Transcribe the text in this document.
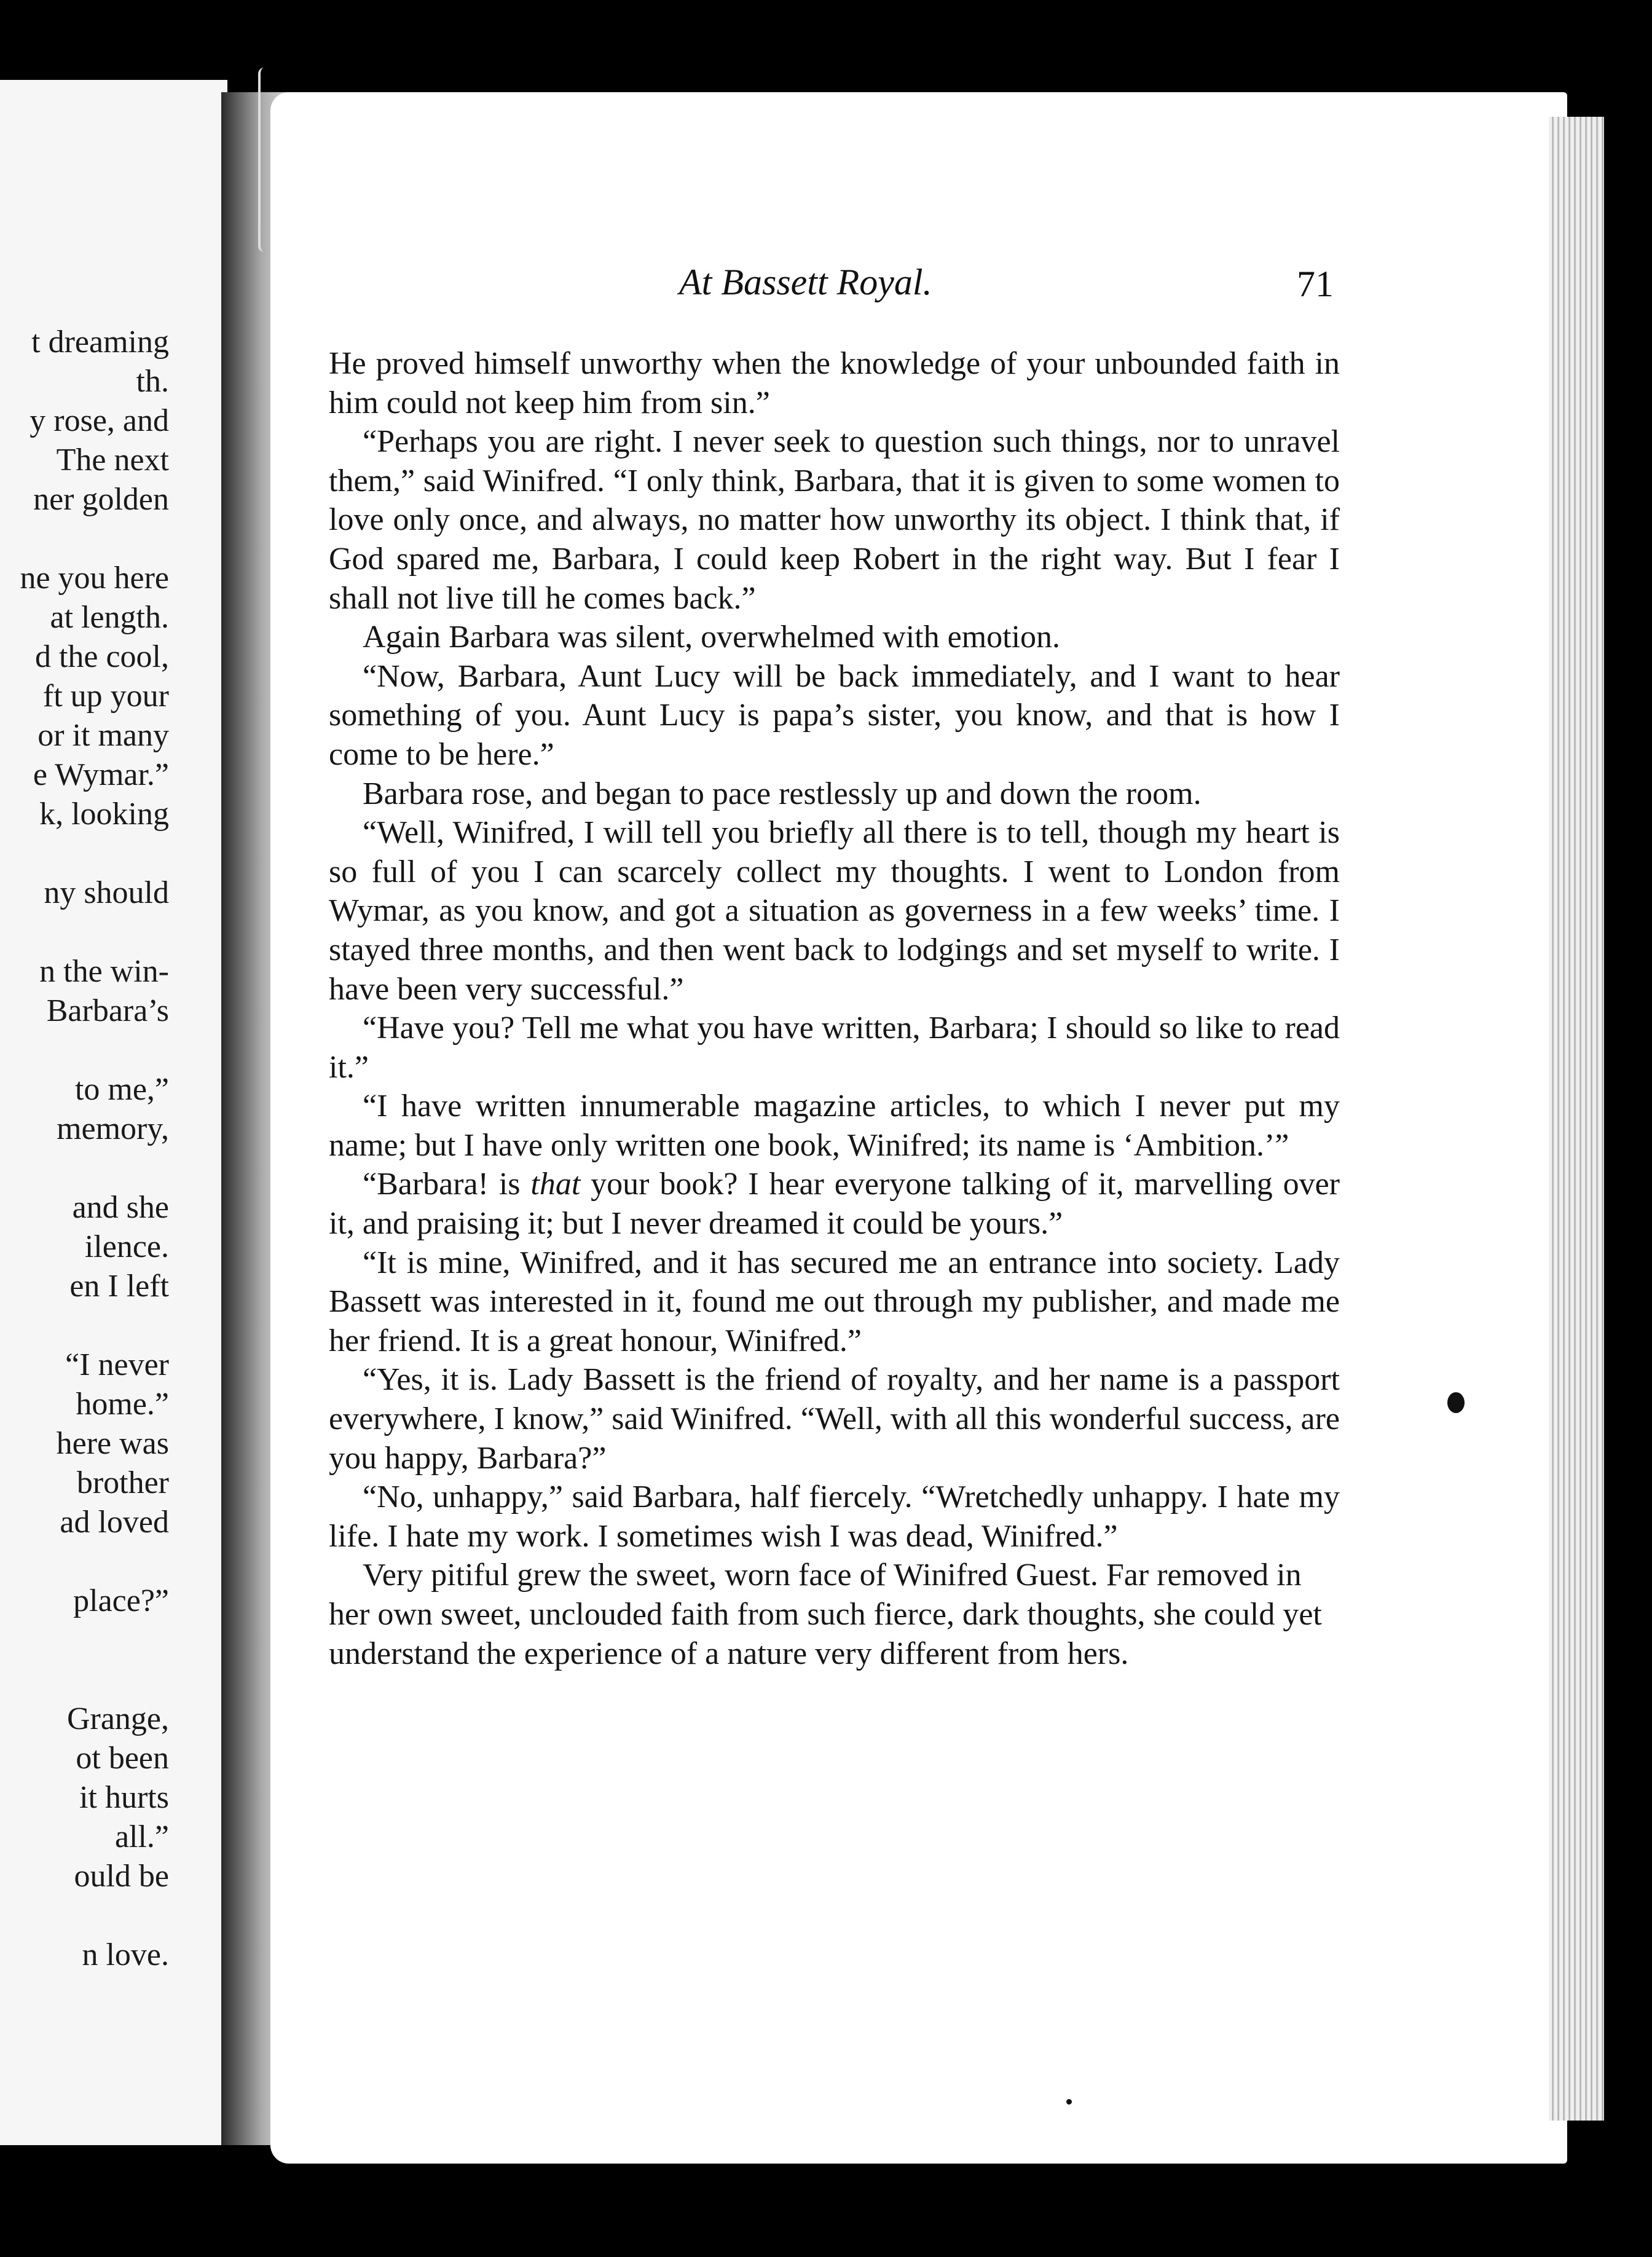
t dreaming
th.
y rose, and
The next
ner golden
ne you here
at length.
d the cool,
ft up your
or it many
e Wymar.”
k, looking
ny should
n the win-
Barbara’s
to me,”
memory,
and she
ilence.
en I left
“I never
home.”
here was
brother
ad loved
place?”
Grange,
ot been
it hurts
all.”
ould be
n love.
At Bassett Royal.	71

He proved himself unworthy when the knowledge of your unbounded faith in him could not keep him from sin.”

“Perhaps you are right. I never seek to question such things, nor to unravel them,” said Winifred. “I only think, Barbara, that it is given to some women to love only once, and always, no matter how unworthy its object. I think that, if God spared me, Barbara, I could keep Robert in the right way. But I fear I shall not live till he comes back.”

Again Barbara was silent, overwhelmed with emotion.

“Now, Barbara, Aunt Lucy will be back immediately, and I want to hear something of you. Aunt Lucy is papa’s sister, you know, and that is how I come to be here.”

Barbara rose, and began to pace restlessly up and down the room.

“Well, Winifred, I will tell you briefly all there is to tell, though my heart is so full of you I can scarcely collect my thoughts. I went to London from Wymar, as you know, and got a situation as governess in a few weeks’ time. I stayed three months, and then went back to lodgings and set myself to write. I have been very successful.”

“Have you? Tell me what you have written, Barbara; I should so like to read it.”

“I have written innumerable magazine articles, to which I never put my name; but I have only written one book, Winifred; its name is ‘Ambition.’”

“Barbara! is that your book? I hear everyone talking of it, marvelling over it, and praising it; but I never dreamed it could be yours.”

“It is mine, Winifred, and it has secured me an entrance into society. Lady Bassett was interested in it, found me out through my publisher, and made me her friend. It is a great honour, Winifred.”

“Yes, it is. Lady Bassett is the friend of royalty, and her name is a passport everywhere, I know,” said Winifred. “Well, with all this wonderful success, are you happy, Barbara?”

“No, unhappy,” said Barbara, half fiercely. “Wretchedly unhappy. I hate my life. I hate my work. I sometimes wish I was dead, Winifred.”

Very pitiful grew the sweet, worn face of Winifred Guest. Far removed in her own sweet, unclouded faith from such fierce, dark thoughts, she could yet understand the experience of a nature very different from hers.
